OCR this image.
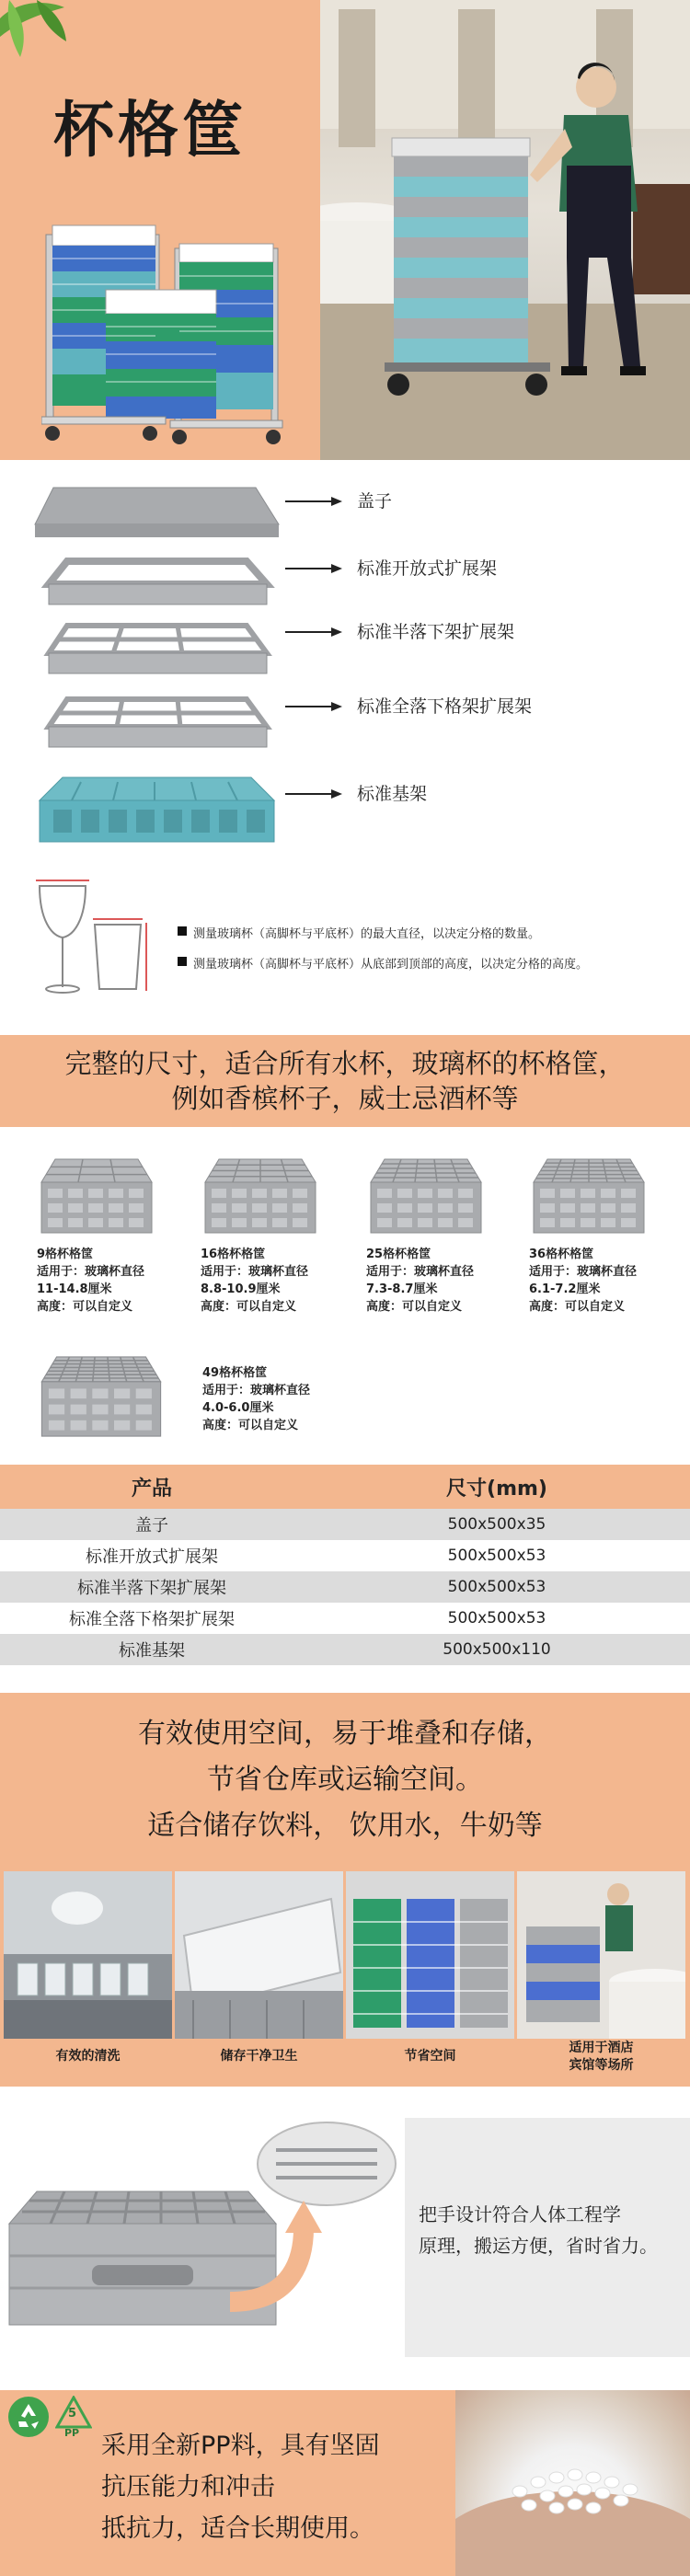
杯格筐
盖子
标准开放式扩展架
标准半落下架扩展架
标准全落下格架扩展架
标准基架
测量玻璃杯（高脚杯与平底杯）的最大直径，以决定分格的数量。
测量玻璃杯（高脚杯与平底杯）从底部到顶部的高度，以决定分格的高度。
完整的尺寸，适合所有水杯，玻璃杯的杯格筐，
例如香槟杯子，威士忌酒杯等
9格杯格筐
适用于：玻璃杯直径
11-14.8厘米
高度：可以自定义
16格杯格筐
适用于：玻璃杯直径
8.8-10.9厘米
高度：可以自定义
25格杯格筐
适用于：玻璃杯直径
7.3-8.7厘米
高度：可以自定义
36格杯格筐
适用于：玻璃杯直径
6.1-7.2厘米
高度：可以自定义
49格杯格筐
适用于：玻璃杯直径
4.0-6.0厘米
高度：可以自定义
产品	尺寸(mm)
盖子	500x500x35
标准开放式扩展架	500x500x53
标准半落下架扩展架	500x500x53
标准全落下格架扩展架	500x500x53
标准基架	500x500x110
有效使用空间，易于堆叠和存储，
节省仓库或运输空间。
适合储存饮料， 饮用水，牛奶等
有效的清洗	储存干净卫生	节省空间
适用于酒店
宾馆等场所
把手设计符合人体工程学
原理，搬运方便，省时省力。
5
PP 采用全新PP料，具有坚固
抗压能力和冲击
抵抗力，适合长期使用。
